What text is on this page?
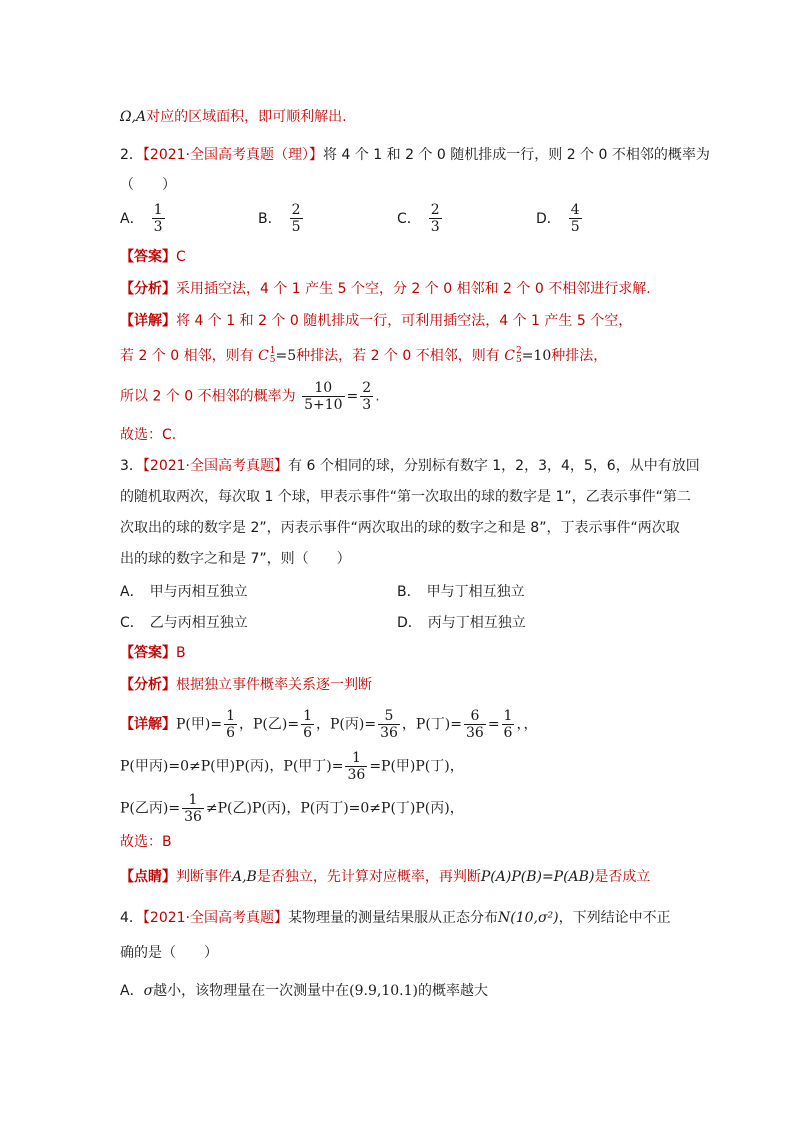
Ω,A对应的区域面积，即可顺利解出.
2．【2021·全国高考真题（理）】将 4 个 1 和 2 个 0 随机排成一行，则 2 个 0 不相邻的概率为
（　　）
A． $\frac{1}{3}$	B． $\frac{2}{5}$	C． $\frac{2}{3}$	D． $\frac{4}{5}$
【答案】C
【分析】采用插空法，4 个 1 产生 5 个空，分 2 个 0 相邻和 2 个 0 不相邻进行求解.
【详解】将 4 个 1 和 2 个 0 随机排成一行，可利用插空法，4 个 1 产生 5 个空，
若 2 个 0 相邻，则有 C 1
5 =5 种排法，若 2 个 0 不相邻，则有 C 2
5 =10 种排法，
所以 2 个 0 不相邻的概率为 $\frac{10}{5+10} = \frac{2}{3}$ .
故选：C.
3．【2021·全国高考真题】有 6 个相同的球，分别标有数字 1，2，3，4，5，6，从中有放回
的随机取两次，每次取 1 个球，甲表示事件“第一次取出的球的数字是 1”，乙表示事件“第二
次取出的球的数字是 2”，丙表示事件“两次取出的球的数字之和是 8”，丁表示事件“两次取
出的球的数字之和是 7”，则（　　）
A． 甲与丙相互独立	B． 甲与丁相互独立
C． 乙与丙相互独立	D． 丙与丁相互独立
【答案】B
【分析】根据独立事件概率关系逐一判断
【详解】P(甲)= $\frac{1}{6}$ ，P(乙)= $\frac{1}{6}$ ，P(丙)= $\frac{5}{36}$ ，P(丁)= $\frac{6}{36} = \frac{1}{6}$ ，，
P(甲丙)=0≠P(甲)P(丙)，P(甲丁)= $\frac{1}{36} =P$(甲)P(丁)，
P(乙丙)= $\frac{1}{36} \ne P$(乙)P(丙)，P(丙丁)=0≠P(丁)P(丙)，
故选：B
【点睛】判断事件A,B是否独立，先计算对应概率，再判断P(A)P(B)=P(AB)是否成立
4．【2021·全国高考真题】某物理量的测量结果服从正态分布N(10,σ²)，下列结论中不正
确的是（　　）
A．σ越小，该物理量在一次测量中在(9.9,10.1)的概率越大
